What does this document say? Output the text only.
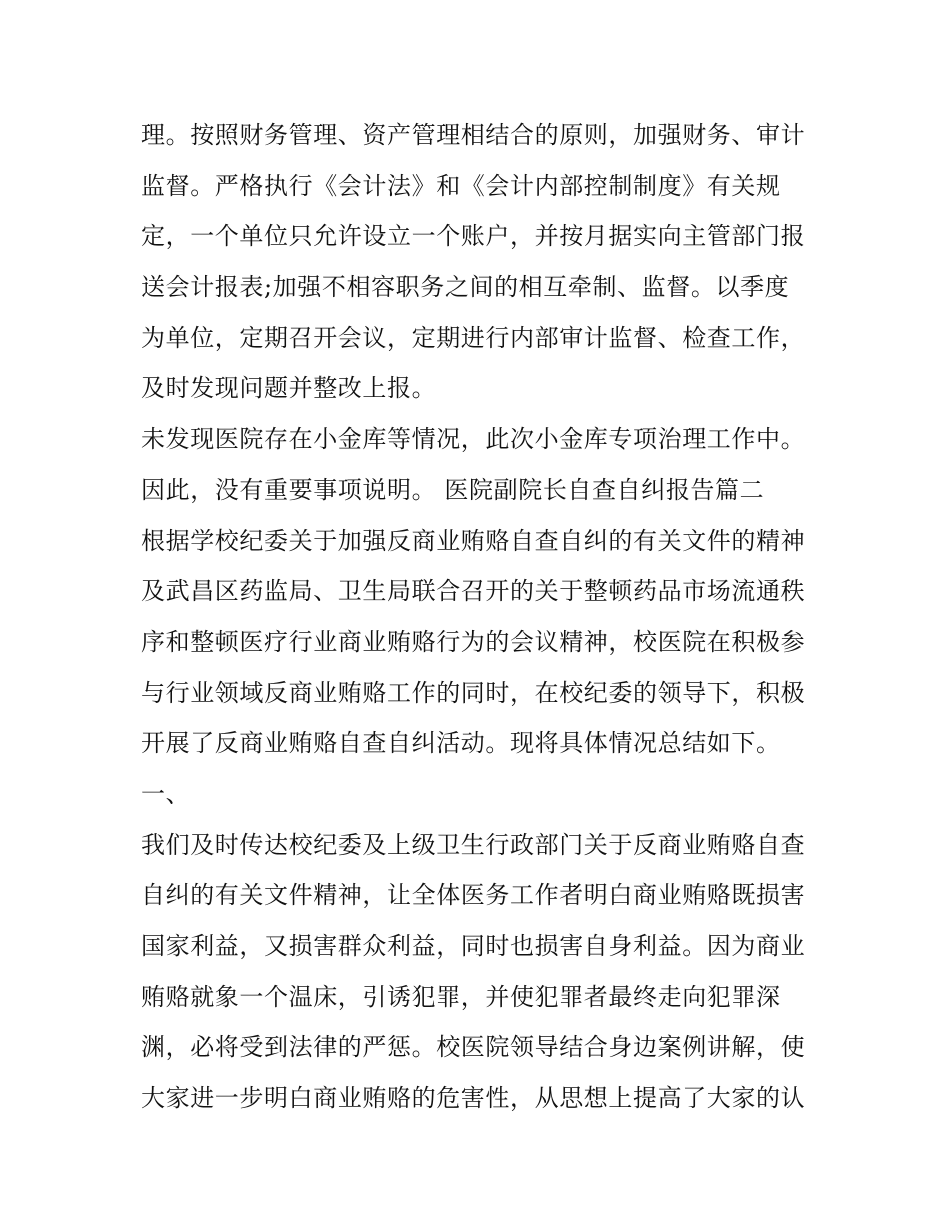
理。按照财务管理、资产管理相结合的原则，加强财务、审计
监督。严格执行《会计法》和《会计内部控制制度》有关规
定，一个单位只允许设立一个账户，并按月据实向主管部门报
送会计报表;加强不相容职务之间的相互牵制、监督。以季度
为单位，定期召开会议，定期进行内部审计监督、检查工作，
及时发现问题并整改上报。
未发现医院存在小金库等情况，此次小金库专项治理工作中。
因此，没有重要事项说明。 医院副院长自查自纠报告篇二
根据学校纪委关于加强反商业贿赂自查自纠的有关文件的精神
及武昌区药监局、卫生局联合召开的关于整顿药品市场流通秩
序和整顿医疗行业商业贿赂行为的会议精神，校医院在积极参
与行业领域反商业贿赂工作的同时，在校纪委的领导下，积极
开展了反商业贿赂自查自纠活动。现将具体情况总结如下。
一、
我们及时传达校纪委及上级卫生行政部门关于反商业贿赂自查
自纠的有关文件精神，让全体医务工作者明白商业贿赂既损害
国家利益，又损害群众利益，同时也损害自身利益。因为商业
贿赂就象一个温床，引诱犯罪，并使犯罪者最终走向犯罪深
渊，必将受到法律的严惩。校医院领导结合身边案例讲解，使
大家进一步明白商业贿赂的危害性，从思想上提高了大家的认
